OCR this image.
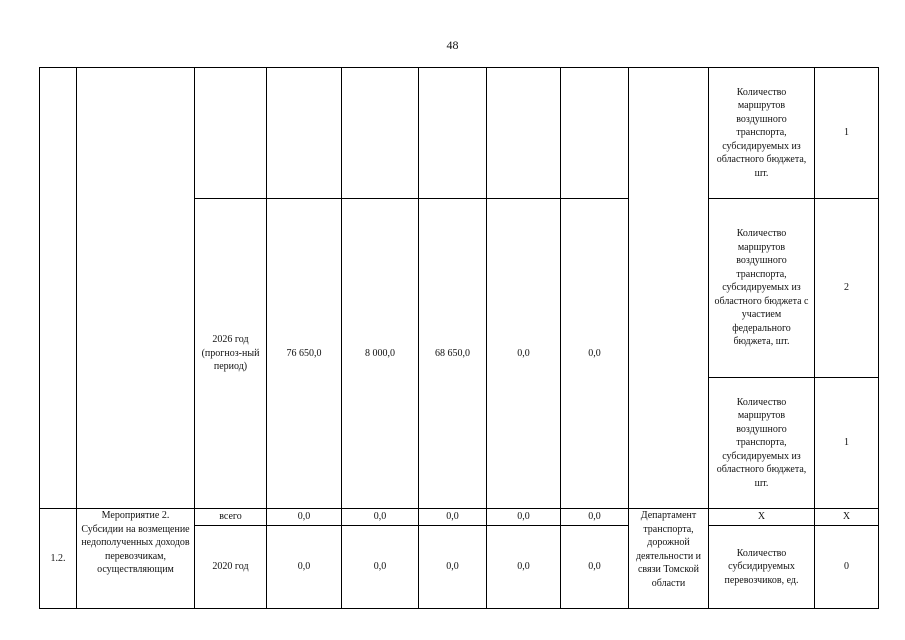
48
									Количество маршрутов воздушного транспорта, субсидируемых из областного бюджета, шт.	1
		2026 год (прогноз-ный период)	76 650,0	8 000,0	68 650,0	0,0	0,0		Количество маршрутов воздушного транспорта, субсидируемых из областного бюджета с участием федерального бюджета, шт.	2
									Количество маршрутов воздушного транспорта, субсидируемых из областного бюджета, шт.	1
1.2.	Мероприятие 2. Субсидии на возмещение недополученных доходов перевозчикам, осуществляющим	всего	0,0	0,0	0,0	0,0	0,0	Департамент транспорта, дорожной деятельности и связи Томской области	X	X
		2020 год	0,0	0,0	0,0	0,0	0,0		Количество субсидируемых перевозчиков, ед.	0
